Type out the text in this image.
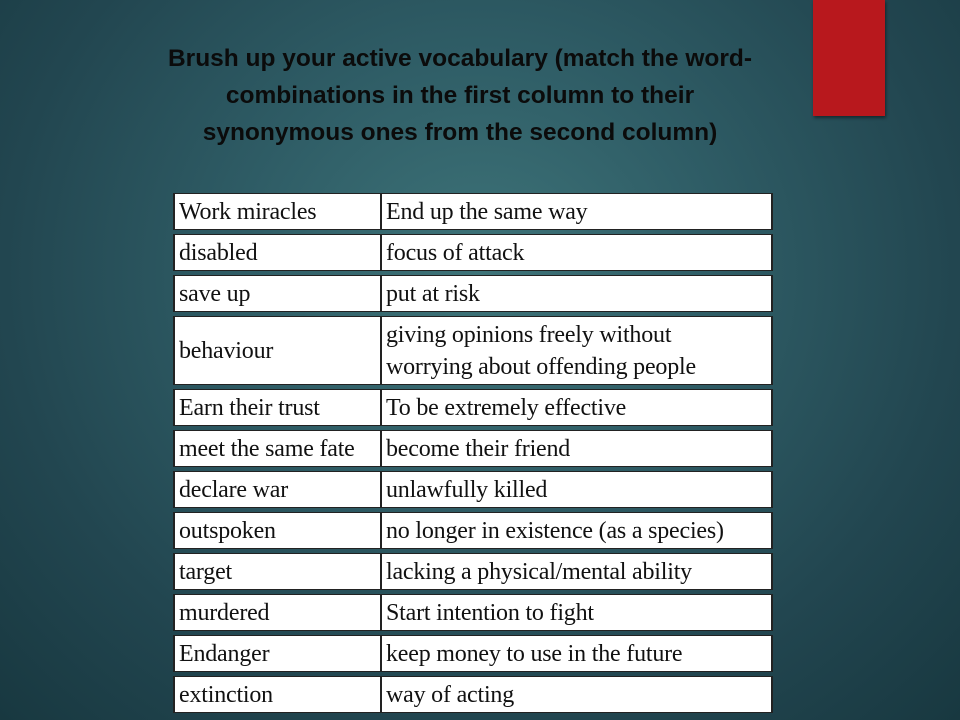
Brush up your active vocabulary (match the word-
combinations in the first column to their
synonymous ones from the second column)
Work miracles	End up the same way
disabled	focus of attack
save up	put at risk
behaviour	giving opinions freely without
worrying about offending people

Earn their trust	To be extremely effective
meet the same fate	become their friend
declare war	unlawfully killed
outspoken	no longer in existence (as a species)
target	lacking a physical/mental ability
murdered	Start intention to fight
Endanger	keep money to use in the future
extinction	way of acting
